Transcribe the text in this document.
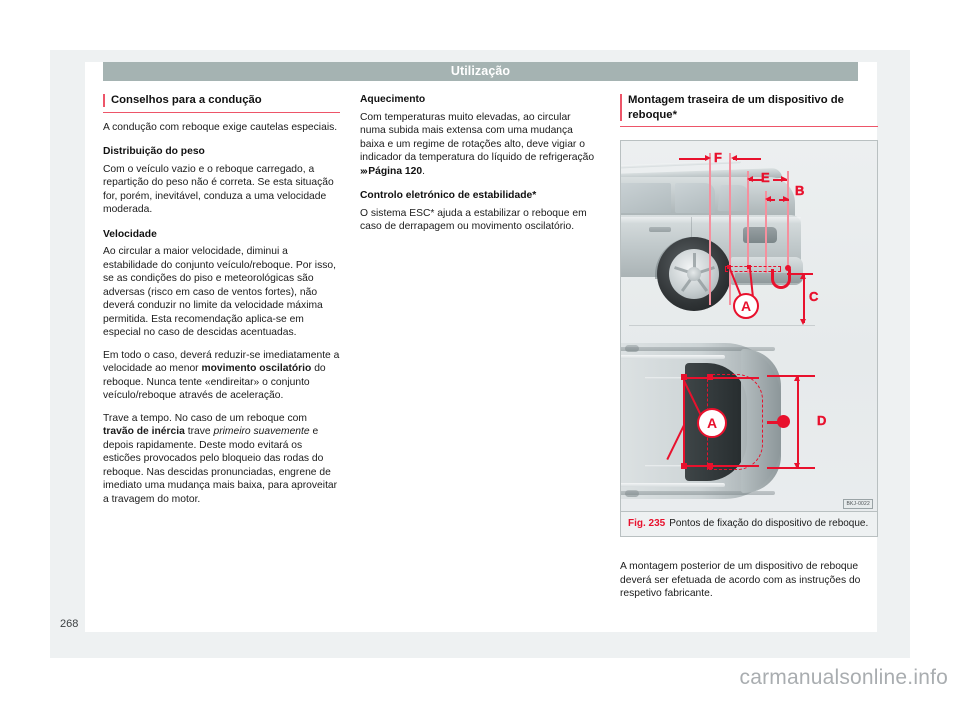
Utilização
Conselhos para a condução

A condução com reboque exige cautelas especiais.

Distribuição do peso

Com o veículo vazio e o reboque carregado, a repartição do peso não é correta. Se esta situação for, porém, inevitável, conduza a uma velocidade moderada.

Velocidade

Ao circular a maior velocidade, diminui a estabilidade do conjunto veículo/reboque. Por isso, se as condições do piso e meteorológicas são adversas (risco em caso de ventos fortes), não deverá conduzir no limite da velocidade máxima permitida. Esta recomendação aplica-se em especial no caso de descidas acentuadas.

Em todo o caso, deverá reduzir-se imediatamente a velocidade ao menor movimento oscilatório do reboque. Nunca tente «endireitar» o conjunto veículo/reboque através de aceleração.

Trave a tempo. No caso de um reboque com travão de inércia trave primeiro suavemente e depois rapidamente. Deste modo evitará os esticões provocados pelo bloqueio das rodas do reboque. Nas descidas pronunciadas, engrene de imediato uma mudança mais baixa, para aproveitar a travagem do motor.

Aquecimento

Com temperaturas muito elevadas, ao circular numa subida mais extensa com uma mudança baixa e um regime de rotações alto, deve vigiar o indicador da temperatura do líquido de refrigeração ››› Página 120.

Controlo eletrónico de estabilidade*

O sistema ESC* ajuda a estabilizar o reboque em caso de derrapagem ou movimento oscilatório.

Montagem traseira de um dispositivo de reboque*
F
E
B
C
A
A	D
BKJ-0022
Fig. 235 Pontos de fixação do dispositivo de reboque.

A montagem posterior de um dispositivo de reboque deverá ser efetuada de acordo com as instruções do respetivo fabricante.

268
carmanualsonline.info
